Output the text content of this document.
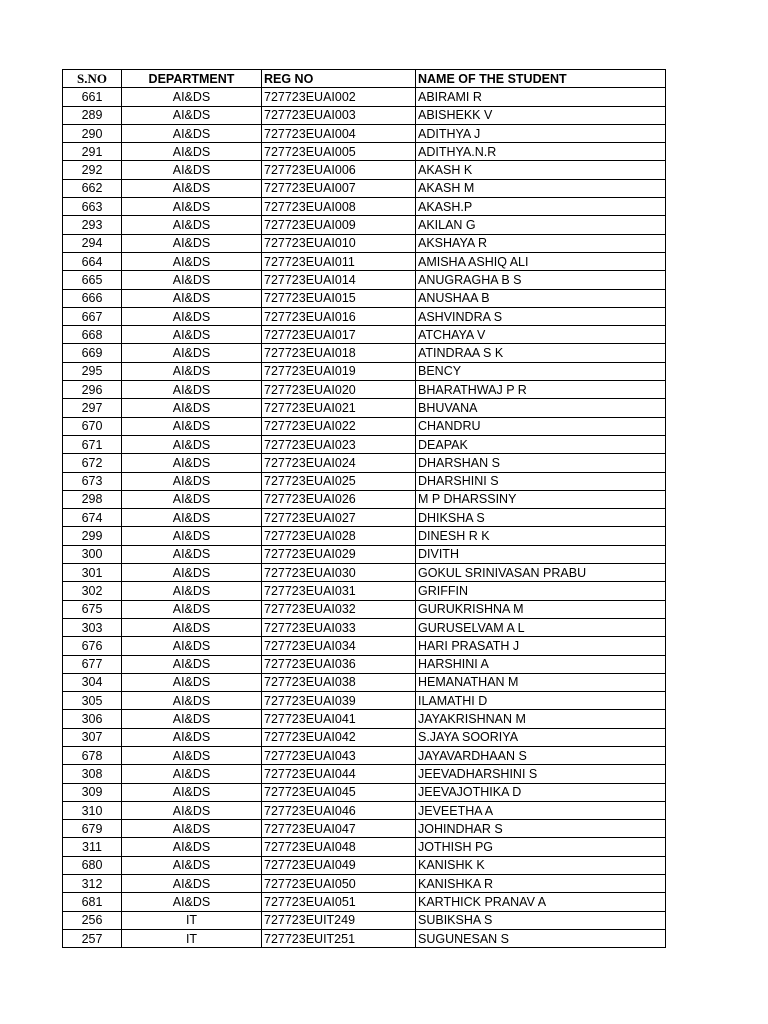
S.NO	DEPARTMENT	REG NO	NAME OF THE STUDENT
661	AI&DS	727723EUAI002	ABIRAMI R
289	AI&DS	727723EUAI003	ABISHEKK V
290	AI&DS	727723EUAI004	ADITHYA J
291	AI&DS	727723EUAI005	ADITHYA.N.R
292	AI&DS	727723EUAI006	AKASH K
662	AI&DS	727723EUAI007	AKASH M
663	AI&DS	727723EUAI008	AKASH.P
293	AI&DS	727723EUAI009	AKILAN G
294	AI&DS	727723EUAI010	AKSHAYA R
664	AI&DS	727723EUAI011	AMISHA ASHIQ ALI
665	AI&DS	727723EUAI014	ANUGRAGHA B S
666	AI&DS	727723EUAI015	ANUSHAA B
667	AI&DS	727723EUAI016	ASHVINDRA S
668	AI&DS	727723EUAI017	ATCHAYA V
669	AI&DS	727723EUAI018	ATINDRAA S K
295	AI&DS	727723EUAI019	BENCY
296	AI&DS	727723EUAI020	BHARATHWAJ P R
297	AI&DS	727723EUAI021	BHUVANA
670	AI&DS	727723EUAI022	CHANDRU
671	AI&DS	727723EUAI023	DEAPAK
672	AI&DS	727723EUAI024	DHARSHAN S
673	AI&DS	727723EUAI025	DHARSHINI S
298	AI&DS	727723EUAI026	M P DHARSSINY
674	AI&DS	727723EUAI027	DHIKSHA S
299	AI&DS	727723EUAI028	DINESH R K
300	AI&DS	727723EUAI029	DIVITH
301	AI&DS	727723EUAI030	GOKUL SRINIVASAN PRABU
302	AI&DS	727723EUAI031	GRIFFIN
675	AI&DS	727723EUAI032	GURUKRISHNA M
303	AI&DS	727723EUAI033	GURUSELVAM A L
676	AI&DS	727723EUAI034	HARI PRASATH J
677	AI&DS	727723EUAI036	HARSHINI A
304	AI&DS	727723EUAI038	HEMANATHAN M
305	AI&DS	727723EUAI039	ILAMATHI D
306	AI&DS	727723EUAI041	JAYAKRISHNAN M
307	AI&DS	727723EUAI042	S.JAYA SOORIYA
678	AI&DS	727723EUAI043	JAYAVARDHAAN S
308	AI&DS	727723EUAI044	JEEVADHARSHINI S
309	AI&DS	727723EUAI045	JEEVAJOTHIKA D
310	AI&DS	727723EUAI046	JEVEETHA A
679	AI&DS	727723EUAI047	JOHINDHAR S
311	AI&DS	727723EUAI048	JOTHISH PG
680	AI&DS	727723EUAI049	KANISHK K
312	AI&DS	727723EUAI050	KANISHKA R
681	AI&DS	727723EUAI051	KARTHICK PRANAV A
256	IT	727723EUIT249	SUBIKSHA S
257	IT	727723EUIT251	SUGUNESAN S
